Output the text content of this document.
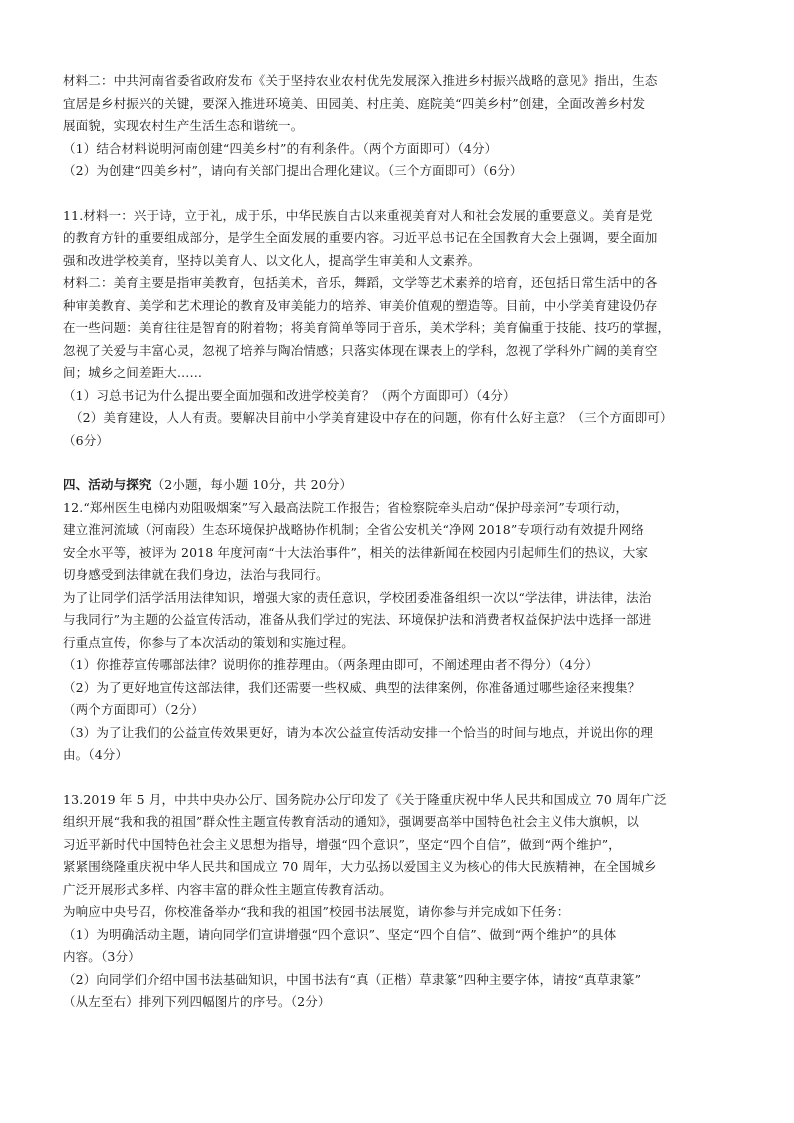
材料二：中共河南省委省政府发布《关于坚持农业农村优先发展深入推进乡村振兴战略的意见》指出，生态
宜居是乡村振兴的关键，要深入推进环境美、田园美、村庄美、庭院美“四美乡村”创建，全面改善乡村发
展面貌，实现农村生产生活生态和谐统一。
（1）结合材料说明河南创建“四美乡村”的有利条件。（两个方面即可）（4分）
（2）为创建“四美乡村”，请向有关部门提出合理化建议。（三个方面即可）（6分）
11.材料一：兴于诗，立于礼，成于乐，中华民族自古以来重视美育对人和社会发展的重要意义。美育是党
的教育方针的重要组成部分，是学生全面发展的重要内容。习近平总书记在全国教育大会上强调，要全面加
强和改进学校美育，坚持以美育人、以文化人，提高学生审美和人文素养。
材料二：美育主要是指审美教育，包括美术，音乐，舞蹈，文学等艺术素养的培育，还包括日常生活中的各
种审美教育、美学和艺术理论的教育及审美能力的培养、审美价值观的塑造等。目前，中小学美育建设仍存
在一些问题：美育往往是智育的附着物；将美育简单等同于音乐，美术学科；美育偏重于技能、技巧的掌握，
忽视了关爱与丰富心灵，忽视了培养与陶冶情感；只落实体现在课表上的学科，忽视了学科外广阔的美育空
间；城乡之间差距大……
（1）习总书记为什么提出要全面加强和改进学校美育？（两个方面即可）（4分）
（2）美育建设，人人有责。要解决目前中小学美育建设中存在的问题，你有什么好主意？（三个方面即可）
（6分）
四、活动与探究（2小题，每小题 10分，共 20分）
12.“郑州医生电梯内劝阻吸烟案”写入最高法院工作报告；省检察院牵头启动“保护母亲河”专项行动，
建立淮河流域（河南段）生态环境保护战略协作机制；全省公安机关“净网 2018”专项行动有效提升网络
安全水平等，被评为 2018 年度河南“十大法治事件”，相关的法律新闻在校园内引起师生们的热议，大家
切身感受到法律就在我们身边，法治与我同行。
为了让同学们活学活用法律知识，增强大家的责任意识，学校团委准备组织一次以“学法律，讲法律，法治
与我同行”为主题的公益宣传活动，准备从我们学过的宪法、环境保护法和消费者权益保护法中选择一部进
行重点宣传，你参与了本次活动的策划和实施过程。
（1）你推荐宣传哪部法律？说明你的推荐理由。（两条理由即可，不阐述理由者不得分）（4分）
（2）为了更好地宣传这部法律，我们还需要一些权威、典型的法律案例，你准备通过哪些途径来搜集？
（两个方面即可）（2分）
（3）为了让我们的公益宣传效果更好，请为本次公益宣传活动安排一个恰当的时间与地点，并说出你的理
由。（4分）
13.2019 年 5 月，中共中央办公厅、国务院办公厅印发了《关于隆重庆祝中华人民共和国成立 70 周年广泛
组织开展“我和我的祖国”群众性主题宣传教育活动的通知》，强调要高举中国特色社会主义伟大旗帜，以
习近平新时代中国特色社会主义思想为指导，增强“四个意识”，坚定“四个自信”，做到“两个维护”，
紧紧围绕隆重庆祝中华人民共和国成立 70 周年，大力弘扬以爱国主义为核心的伟大民族精神，在全国城乡
广泛开展形式多样、内容丰富的群众性主题宣传教育活动。
为响应中央号召，你校准备举办“我和我的祖国”校园书法展览，请你参与并完成如下任务：
（1）为明确活动主题，请向同学们宣讲增强“四个意识”、坚定“四个自信”、做到“两个维护”的具体
内容。（3分）
（2）向同学们介绍中国书法基础知识，中国书法有“真（正楷）草隶篆”四种主要字体，请按“真草隶篆”
（从左至右）排列下列四幅图片的序号。（2分）
